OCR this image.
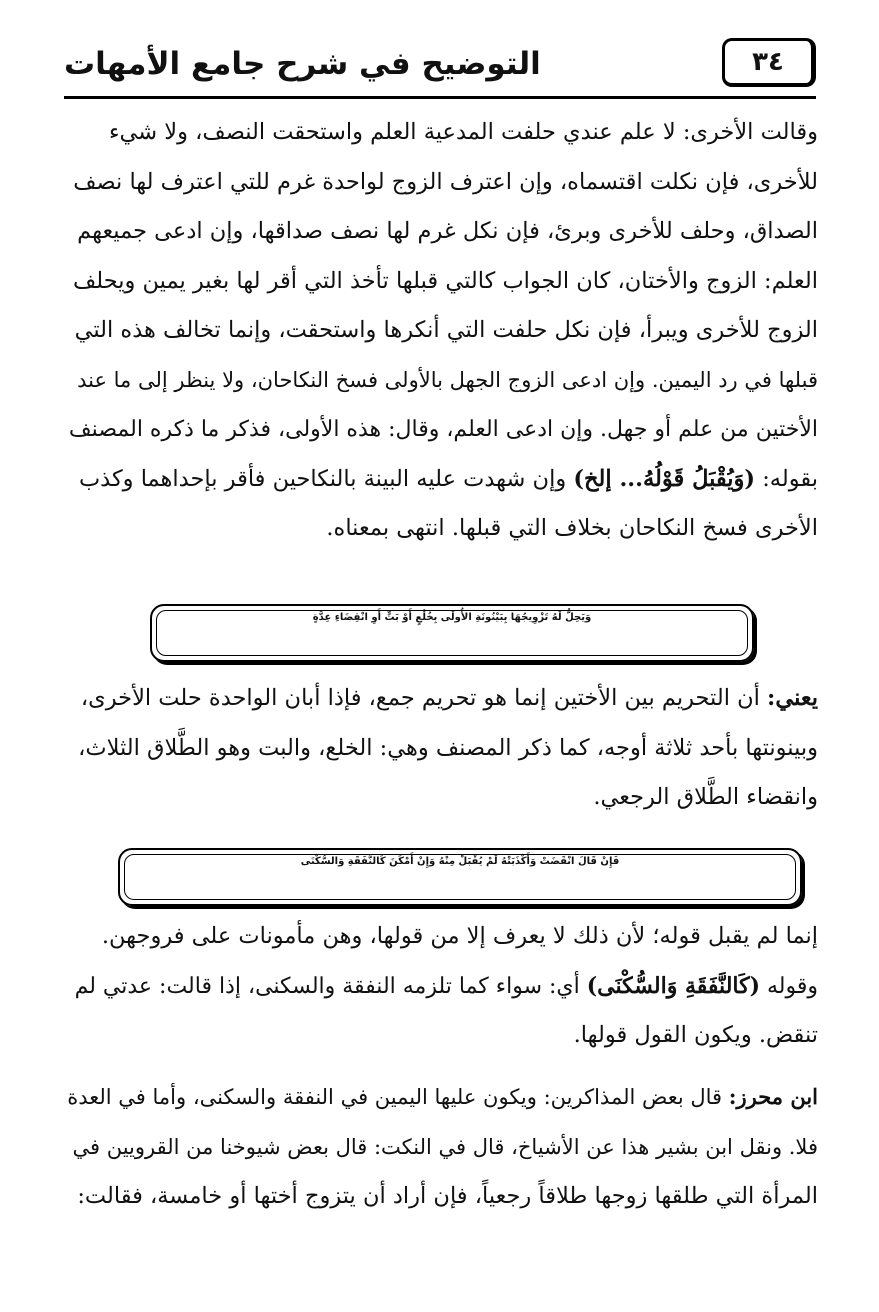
٣٤
التوضيح في شرح جامع الأمهات
وقالت الأخرى: لا علم عندي حلفت المدعية العلم واستحقت النصف، ولا شيء
للأخرى، فإن نكلت اقتسماه، وإن اعترف الزوج لواحدة غرم للتي اعترف لها نصف
الصداق، وحلف للأخرى وبرئ، فإن نكل غرم لها نصف صداقها، وإن ادعى جميعهم
العلم: الزوج والأختان، كان الجواب كالتي قبلها تأخذ التي أقر لها بغير يمين ويحلف
الزوج للأخرى ويبرأ، فإن نكل حلفت التي أنكرها واستحقت، وإنما تخالف هذه التي
قبلها في رد اليمين. وإن ادعى الزوج الجهل بالأولى فسخ النكاحان، ولا ينظر إلى ما عند
الأختين من علم أو جهل. وإن ادعى العلم، وقال: هذه الأولى، فذكر ما ذكره المصنف
بقوله: (وَيُقْبَلُ قَوْلُهُ... إلخ) وإن شهدت عليه البينة بالنكاحين فأقر بإحداهما وكذب
الأخرى فسخ النكاحان بخلاف التي قبلها. انتهى بمعناه.
وَيَحِلُّ لَهُ تَزْوِيجُهَا بِبَيْنُونَةِ الأُولَى بِخُلْعٍ أَوْ بَتٍّ أَوِ انْقِضَاءِ عِدَّةٍ
يعني: أن التحريم بين الأختين إنما هو تحريم جمع، فإذا أبان الواحدة حلت الأخرى،
وبينونتها بأحد ثلاثة أوجه، كما ذكر المصنف وهي: الخلع، والبت وهو الطَّلاق الثلاث،
وانقضاء الطَّلاق الرجعي.
فَإِنْ قَالَ انْقَضَتْ وَأَكْذَبَتْهُ لَمْ يُقْبَلْ مِنْهُ وَإِنْ أَمْكَنَ كَالنَّفَقَةِ وَالسُّكْنَى
إنما لم يقبل قوله؛ لأن ذلك لا يعرف إلا من قولها، وهن مأمونات على فروجهن.
وقوله (كَالنَّفَقَةِ وَالسُّكْنَى) أي: سواء كما تلزمه النفقة والسكنى، إذا قالت: عدتي لم
تنقض. ويكون القول قولها.
ابن محرز: قال بعض المذاكرين: ويكون عليها اليمين في النفقة والسكنى، وأما في العدة
فلا. ونقل ابن بشير هذا عن الأشياخ، قال في النكت: قال بعض شيوخنا من القرويين في
المرأة التي طلقها زوجها طلاقاً رجعياً، فإن أراد أن يتزوج أختها أو خامسة، فقالت:
